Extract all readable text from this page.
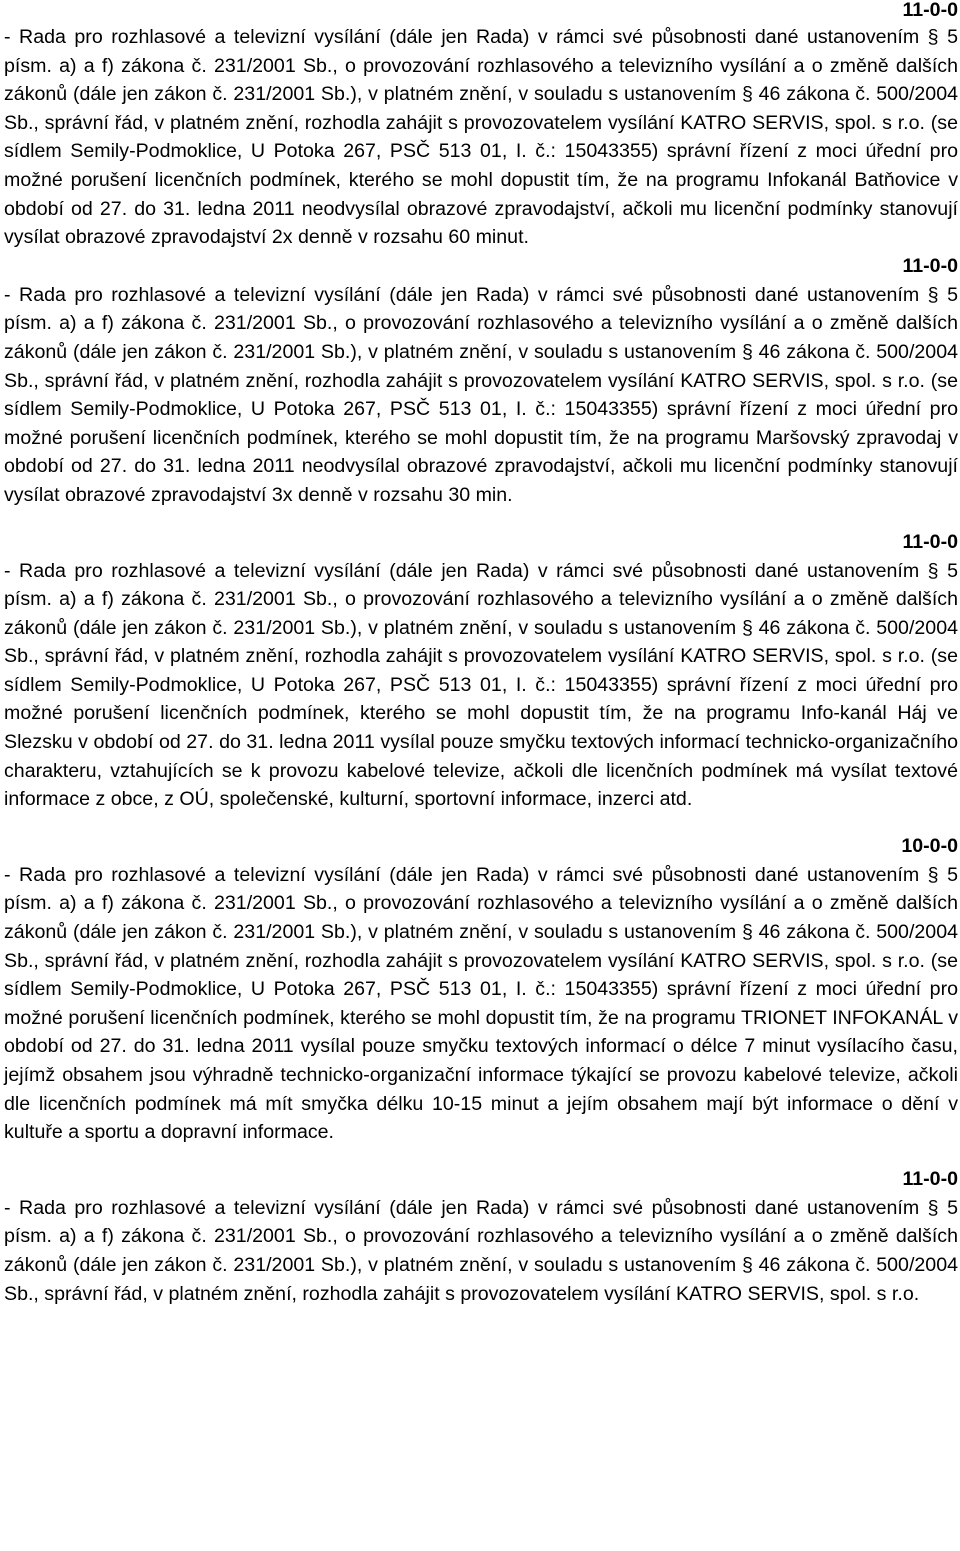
11-0-0

- Rada pro rozhlasové a televizní vysílání (dále jen Rada) v rámci své působnosti dané ustanovením § 5 písm. a) a f) zákona č. 231/2001 Sb., o provozování rozhlasového a televizního vysílání a o změně dalších zákonů (dále jen zákon č. 231/2001 Sb.), v platném znění, v souladu s ustanovením § 46 zákona č. 500/2004 Sb., správní řád, v platném znění, rozhodla zahájit s provozovatelem vysílání KATRO SERVIS, spol. s r.o. (se sídlem Semily-Podmoklice, U Potoka 267, PSČ 513 01, I. č.: 15043355) správní řízení z moci úřední pro možné porušení licenčních podmínek, kterého se mohl dopustit tím, že na programu Infokanál Batňovice v období od 27. do 31. ledna 2011 neodvysílal obrazové zpravodajství, ačkoli mu licenční podmínky stanovují vysílat obrazové zpravodajství 2x denně v rozsahu 60 minut.

11-0-0

- Rada pro rozhlasové a televizní vysílání (dále jen Rada) v rámci své působnosti dané ustanovením § 5 písm. a) a f) zákona č. 231/2001 Sb., o provozování rozhlasového a televizního vysílání a o změně dalších zákonů (dále jen zákon č. 231/2001 Sb.), v platném znění, v souladu s ustanovením § 46 zákona č. 500/2004 Sb., správní řád, v platném znění, rozhodla zahájit s provozovatelem vysílání KATRO SERVIS, spol. s r.o. (se sídlem Semily-Podmoklice, U Potoka 267, PSČ 513 01, I. č.: 15043355) správní řízení z moci úřední pro možné porušení licenčních podmínek, kterého se mohl dopustit tím, že na programu Maršovský zpravodaj v období od 27. do 31. ledna 2011 neodvysílal obrazové zpravodajství, ačkoli mu licenční podmínky stanovují vysílat obrazové zpravodajství 3x denně v rozsahu 30 min.

11-0-0

- Rada pro rozhlasové a televizní vysílání (dále jen Rada) v rámci své působnosti dané ustanovením § 5 písm. a) a f) zákona č. 231/2001 Sb., o provozování rozhlasového a televizního vysílání a o změně dalších zákonů (dále jen zákon č. 231/2001 Sb.), v platném znění, v souladu s ustanovením § 46 zákona č. 500/2004 Sb., správní řád, v platném znění, rozhodla zahájit s provozovatelem vysílání KATRO SERVIS, spol. s r.o. (se sídlem Semily-Podmoklice, U Potoka 267, PSČ 513 01, I. č.: 15043355) správní řízení z moci úřední pro možné porušení licenčních podmínek, kterého se mohl dopustit tím, že na programu Info-kanál Háj ve Slezsku v období od 27. do 31. ledna 2011 vysílal pouze smyčku textových informací technicko-organizačního charakteru, vztahujících se k provozu kabelové televize, ačkoli dle licenčních podmínek má vysílat textové informace z obce, z OÚ, společenské, kulturní, sportovní informace, inzerci atd.

10-0-0

- Rada pro rozhlasové a televizní vysílání (dále jen Rada) v rámci své působnosti dané ustanovením § 5 písm. a) a f) zákona č. 231/2001 Sb., o provozování rozhlasového a televizního vysílání a o změně dalších zákonů (dále jen zákon č. 231/2001 Sb.), v platném znění, v souladu s ustanovením § 46 zákona č. 500/2004 Sb., správní řád, v platném znění, rozhodla zahájit s provozovatelem vysílání KATRO SERVIS, spol. s r.o. (se sídlem Semily-Podmoklice, U Potoka 267, PSČ 513 01, I. č.: 15043355) správní řízení z moci úřední pro možné porušení licenčních podmínek, kterého se mohl dopustit tím, že na programu TRIONET INFOKANÁL v období od 27. do 31. ledna 2011 vysílal pouze smyčku textových informací o délce 7 minut vysílacího času, jejímž obsahem jsou výhradně technicko-organizační informace týkající se provozu kabelové televize, ačkoli dle licenčních podmínek má mít smyčka délku 10-15 minut a jejím obsahem mají být informace o dění v kultuře a sportu a dopravní informace.

11-0-0

- Rada pro rozhlasové a televizní vysílání (dále jen Rada) v rámci své působnosti dané ustanovením § 5 písm. a) a f) zákona č. 231/2001 Sb., o provozování rozhlasového a televizního vysílání a o změně dalších zákonů (dále jen zákon č. 231/2001 Sb.), v platném znění, v souladu s ustanovením § 46 zákona č. 500/2004 Sb., správní řád, v platném znění, rozhodla zahájit s provozovatelem vysílání KATRO SERVIS, spol. s r.o.
